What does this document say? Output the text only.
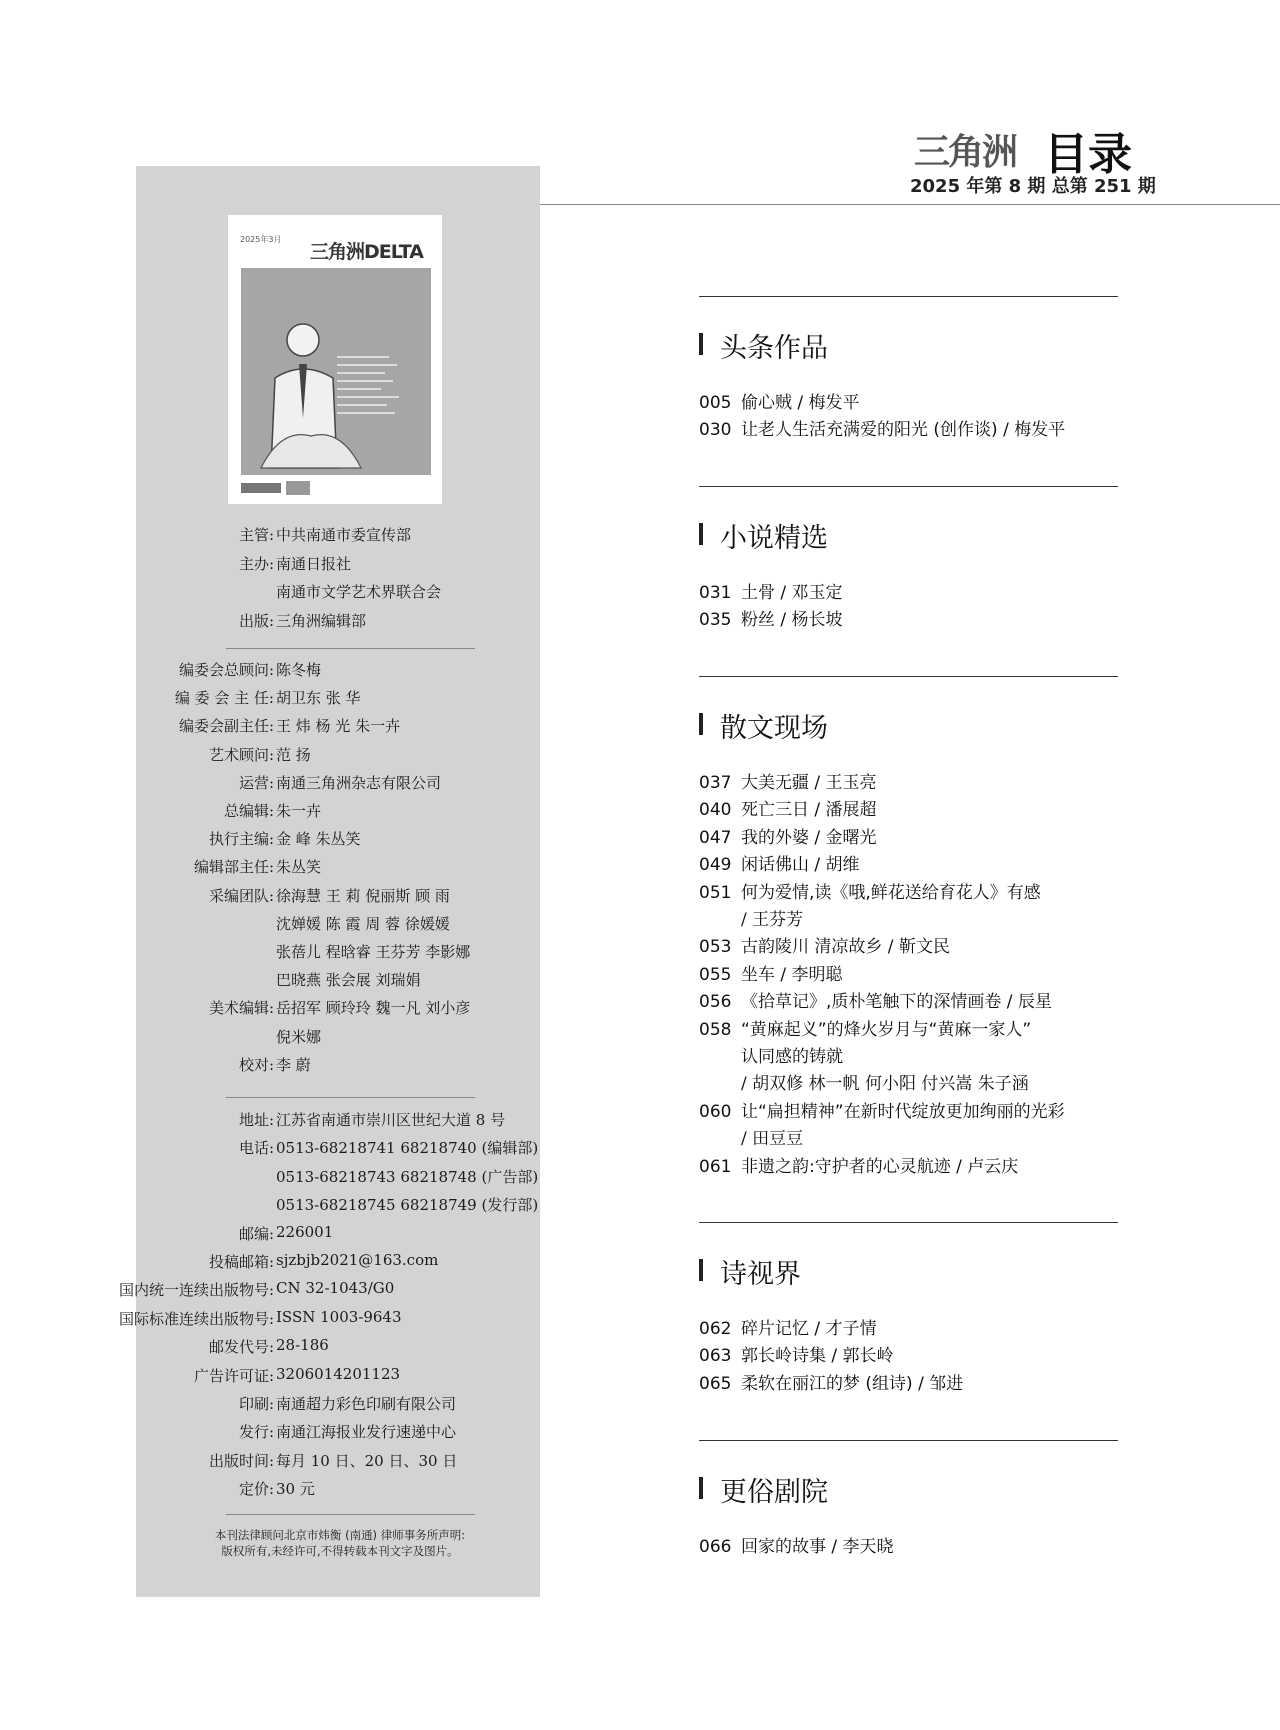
三角洲 目录
2025 年第 8 期 总第 251 期
2025年3月
三角洲DELTA
主管: 中共南通市委宣传部
主办: 南通日报社
南通市文学艺术界联合会
出版: 三角洲编辑部
编委会总顾问: 陈冬梅
编 委 会 主 任: 胡卫东 张 华
编委会副主任: 王 炜 杨 光 朱一卉
艺术顾问: 范 扬
运营: 南通三角洲杂志有限公司
总编辑: 朱一卉
执行主编: 金 峰 朱丛笑
编辑部主任: 朱丛笑
采编团队: 徐海慧 王 莉 倪丽斯 顾 雨
沈婵媛 陈 霞 周 蓉 徐媛媛
张蓓儿 程晗睿 王芬芳 李影娜
巴晓燕 张会展 刘瑞娟
美术编辑: 岳招军 顾玲玲 魏一凡 刘小彦
倪米娜
校对: 李 蔚
地址: 江苏省南通市崇川区世纪大道 8 号
电话: 0513-68218741 68218740 (编辑部)
0513-68218743 68218748 (广告部)
0513-68218745 68218749 (发行部)
邮编: 226001
投稿邮箱: sjzbjb2021@163.com
国内统一连续出版物号: CN 32-1043/G0
国际标准连续出版物号: ISSN 1003-9643
邮发代号: 28-186
广告许可证: 3206014201123
印刷: 南通超力彩色印刷有限公司
发行: 南通江海报业发行速递中心
出版时间: 每月 10 日、20 日、30 日
定价: 30 元
本刊法律顾问北京市炜衡 (南通) 律师事务所声明:
版权所有,未经许可,不得转载本刊文字及图片。
头条作品
005 偷心贼 / 梅发平
030 让老人生活充满爱的阳光 (创作谈) / 梅发平
小说精选
031 土骨 / 邓玉定
035 粉丝 / 杨长坡
散文现场
037 大美无疆 / 王玉亮
040 死亡三日 / 潘展超
047 我的外婆 / 金曙光
049 闲话佛山 / 胡维
051 何为爱情,读《哦,鲜花送给育花人》有感
/ 王芬芳
053 古韵陵川 清凉故乡 / 靳文民
055 坐车 / 李明聪
056 《拾草记》,质朴笔触下的深情画卷 / 辰星
058 “黄麻起义”的烽火岁月与“黄麻一家人”
认同感的铸就
/ 胡双修 林一帆 何小阳 付兴嵩 朱子涵
060 让“扁担精神”在新时代绽放更加绚丽的光彩
/ 田豆豆
061 非遗之韵:守护者的心灵航迹 / 卢云庆
诗视界
062 碎片记忆 / 才子情
063 郭长岭诗集 / 郭长岭
065 柔软在丽江的梦 (组诗) / 邹进
更俗剧院
066 回家的故事 / 李天晓
